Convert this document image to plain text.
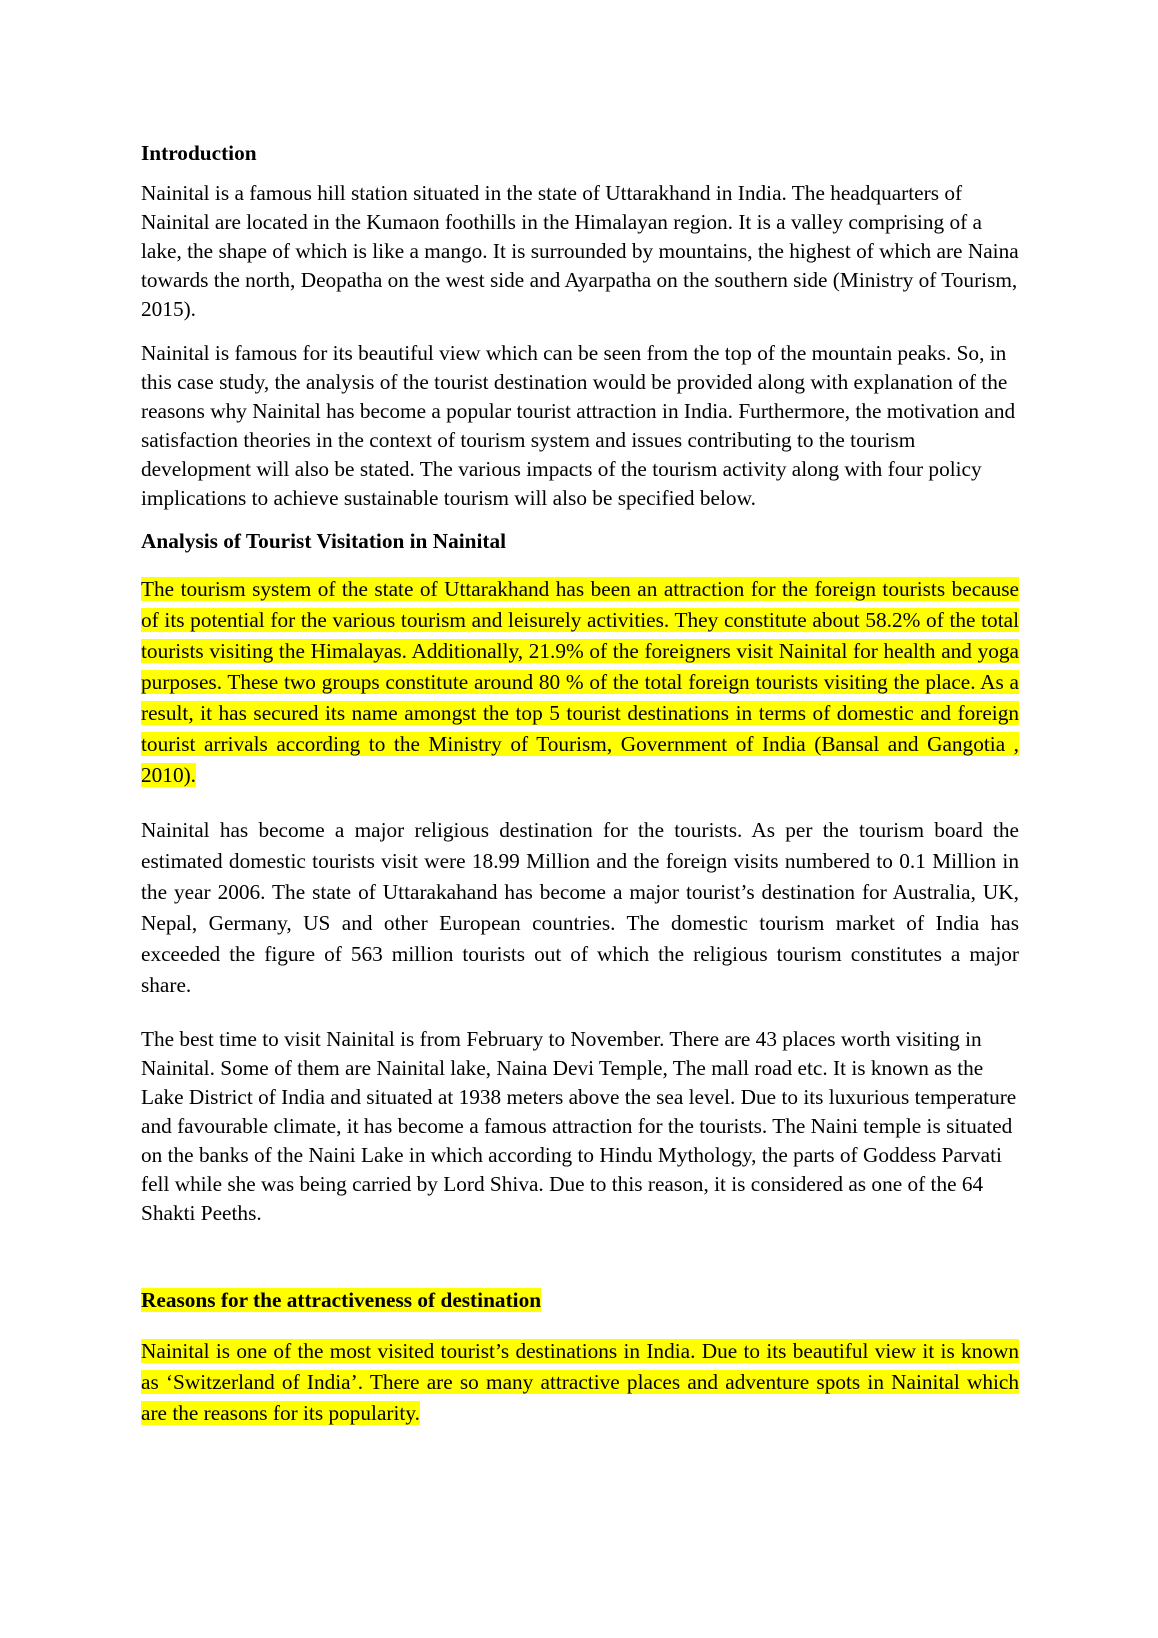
Introduction

Nainital is a famous hill station situated in the state of Uttarakhand in India. The headquarters of Nainital are located in the Kumaon foothills in the Himalayan region. It is a valley comprising of a lake, the shape of which is like a mango. It is surrounded by mountains, the highest of which are Naina towards the north, Deopatha on the west side and Ayarpatha on the southern side (Ministry of Tourism, 2015).

Nainital is famous for its beautiful view which can be seen from the top of the mountain peaks. So, in this case study, the analysis of the tourist destination would be provided along with explanation of the reasons why Nainital has become a popular tourist attraction in India. Furthermore, the motivation and satisfaction theories in the context of tourism system and issues contributing to the tourism development will also be stated. The various impacts of the tourism activity along with four policy implications to achieve sustainable tourism will also be specified below.

Analysis of Tourist Visitation in Nainital

The tourism system of the state of Uttarakhand has been an attraction for the foreign tourists because of its potential for the various tourism and leisurely activities. They constitute about 58.2% of the total tourists visiting the Himalayas. Additionally, 21.9% of the foreigners visit Nainital for health and yoga purposes. These two groups constitute around 80 % of the total foreign tourists visiting the place. As a result, it has secured its name amongst the top 5 tourist destinations in terms of domestic and foreign tourist arrivals according to the Ministry of Tourism, Government of India (Bansal and Gangotia , 2010).

Nainital has become a major religious destination for the tourists. As per the tourism board the estimated domestic tourists visit were 18.99 Million and the foreign visits numbered to 0.1 Million in the year 2006. The state of Uttarakahand has become a major tourist’s destination for Australia, UK, Nepal, Germany, US and other European countries. The domestic tourism market of India has exceeded the figure of 563 million tourists out of which the religious tourism constitutes a major share.

The best time to visit Nainital is from February to November. There are 43 places worth visiting in Nainital. Some of them are Nainital lake, Naina Devi Temple, The mall road etc. It is known as the Lake District of India and situated at 1938 meters above the sea level. Due to its luxurious temperature and favourable climate, it has become a famous attraction for the tourists. The Naini temple is situated on the banks of the Naini Lake in which according to Hindu Mythology, the parts of Goddess Parvati fell while she was being carried by Lord Shiva. Due to this reason, it is considered as one of the 64 Shakti Peeths.

Reasons for the attractiveness of destination

Nainital is one of the most visited tourist’s destinations in India. Due to its beautiful view it is known as ‘Switzerland of India’. There are so many attractive places and adventure spots in Nainital which are the reasons for its popularity.
